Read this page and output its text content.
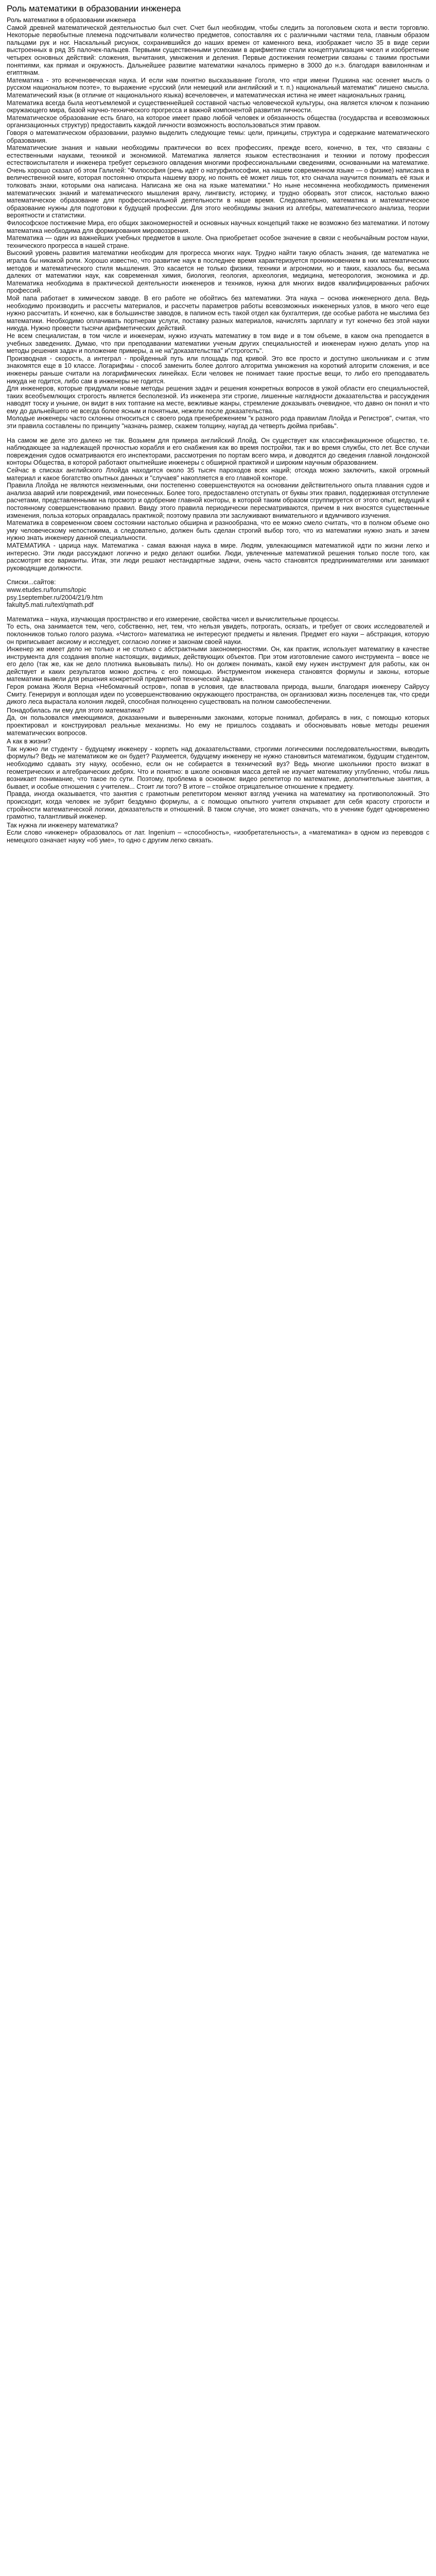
Роль математики в образовании инженера

Роль математики в образовании инженера

Самой древней математической деятельностью был счет. Счет был необходим, чтобы следить за поголовьем скота и вести торговлю. Некоторые первобытные племена подсчитывали количество предметов, сопоставляя их с различными частями тела, главным образом пальцами рук и ног. Наскальный рисунок, сохранившийся до наших времен от каменного века, изображает число 35 в виде серии выстроенных в ряд 35 палочек-пальцев. Первыми существенными успехами в арифметике стали концептуализация чисел и изобретение четырех основных действий: сложения, вычитания, умножения и деления. Первые достижения геометрии связаны с такими простыми понятиями, как прямая и окружность. Дальнейшее развитие математики началось примерно в 3000 до н.э. благодаря вавилонянам и египтянам.

Математика - это всеченовеческая наука. И если нам понятно высказывание Гоголя, что «при имени Пушкина нас осеняет мысль о русском национальном поэте», то выражение «русский (или немецкий или английский и т. п.) национальный математик" лишено смысла. Математический язык (в отличие от национального языка) всечеловечен, и математическая истина не имеет национальных границ.

Математика всегда была неотъемлемой и существеннейшей составной частью человеческой культуры, она является ключом к познанию окружающего мира, базой научно-технического прогресса и важной компонентой развития личности.

Математическое образование есть благо, на которое имеет право любой человек и обязанность общества (государства и всевозможных организационных структур) предоставить каждой личности возможность воспользоваться этим правом.

Говоря о математическом образовании, разумно выделить следующие темы: цели, принципы, структура и содержание математического образования.

Математические знания и навыки необходимы практически во всех профессиях, прежде всего, конечно, в тех, что связаны с естественными науками, техникой и экономикой. Математика является языком естествознания и техники и потому профессия естествоиспытателя и инженера требует серьезного овладения многими профессиональными сведениями, основанными на математике. Очень хорошо сказал об этом Галилей: "Философия (речь идёт о натурфилософии, на нашем современном языке — о физике) написана в величественной книге, которая постоянно открыта нашему взору, но понять её может лишь тот, кто сначала научится понимать её язык и толковать знаки, которыми она написана. Написана же она на языке математики." Но ныне несомненна необходимость применения математических знаний и математического мышления врачу, лингвисту, историку, и трудно оборвать этот список, настолько важно математическое образование для профессиональной деятельности в наше время. Следовательно, математика и математическое образование нужны для подготовки к будущей профессии. Для этого необходимы знания из алгебры, математического анализа, теории вероятности и статистики.

Философское постижение Мира, его общих закономерностей и основных научных концепций также не возможно без математики. И потому математика необходима для формирования мировоззрения.

Математика — один из важнейших учебных предметов в школе. Она приобретает особое значение в связи с необычайным ростом науки, технического прогресса в нашей стране.

Высокий уровень развития математики необходим для прогресса многих наук. Трудно найти такую область знания, где математика не играла бы никакой роли. Хорошо известно, что развитие наук в последнее время характеризуется проникновением в них математических методов и математического стиля мышления. Это касается не только физики, техники и агрономии, но и таких, казалось бы, весьма далеких от математики наук, как современная химия, биология, геология, археология, медицина, метеорология, экономика и др. Математика необходима в практической деятельности инженеров и техников, нужна для многих видов квалифицированных рабочих профессий.

Мой папа работает в химическом заводе. В его работе не обойтись без математики. Эта наука – основа инженерного дела. Ведь необходимо производить и рассчеты материалов, и рассчеты параметров работы всевозможных инженерных узлов, в много чего еще нужно рассчитать. И конечно, как в большинстве заводов, в папином есть такой отдел как бухгалтерия, где особые работа не мыслима без математики. Необходимо оплачивать портнерам услуги, поставку разных материалов, начислять зарплату и тут конечно без этой науки никуда. Нужно провести тысячи арифметических действий.

Не всем специалистам, в том числе и инженерам, нужно изучать математику в том виде и в том объеме, в каком она преподается в учебных заведениях. Думаю, что при преподавании математики ученым других специальностей и инженерам нужно делать упор на методы решения задач и положение примеры, а не на"доказательства" и"строгость".

Производная - скорость, а интеграл - пройденный путь или площадь под кривой. Это все просто и доступно школьникам и с этим знакомятся еще в 10 классе. Логарифмы - способ заменить более долгого алгоритма умножения на короткий алгоритм сложения, и все инженеры раньше считали на логарифмических линейках. Если человек не понимает такие простые вещи, то либо его преподаватель никуда не годится, либо сам в инженеры не годится.

Для инженеров, которые придумали новые методы решения задач и решения конкретных вопросов в узкой области его специальностей, таких всеобъемлющих строгость является бесполезной. Из инженера эти строгие, лишенные наглядности доказательства и рассуждения наводят тоску и уныние, он видит в них топтание на месте, вежливые жанры, стремление доказывать очевидное, что давно он понял и что ему до дальнейшего не всегда более ясным и понятным, нежели после доказательства.

Молодые инженеры часто склонны относиться с своего рода пренебрежением "к разного рода правилам Ллойда и Регистров", считая, что эти правила составлены по принципу "назначь размер, скажем толщину, наугад да четверть дюйма прибавь".

На самом же деле это далеко не так. Возьмем для примера английский Ллойд. Он существует как классификационное общество, т.е. наблюдающее за надлежащей прочностью корабля и его снабжения как во время постройки, так и во время службы, сто лет. Все случаи повреждения судов осматриваются его инспекторами, рассмотрения по портам всего мира, и доводятся до сведения главной лондонской конторы Общества, в которой работают опытнейшие инженеры с обширной практикой и широким научным образованием.

Сейчас в списках английского Ллойда находится около 35 тысяч пароходов всех наций; отсюда можно заключить, какой огромный материал и какое богатство опытных данных и "случаев" накопляется в его главной конторе.

Правила Ллойда не являются неизменными, они постепенно совершенствуются на основании действительного опыта плавания судов и анализа аварий или повреждений, ими понесенных. Более того, предоставлено отступать от буквы этих правил, поддерживая отступление расчетами, представленными на просмотр и одобрение главной конторы, в которой таким образом сгруппируется от этого опыт, ведущий к постоянному совершенствованию правил. Ввиду этого правила периодически пересматриваются, причем в них вносятся существенные изменения, польза которых оправдалась практикой; поэтому правила эти заслуживают внимательного и вдумчивого изучения.

Математика в современном своем состоянии настолько обширна и разнообразна, что ее можно смело считать, что в полном объеме оно уму человеческому непостижима, а следовательно, должен быть сделан строгий выбор того, что из математики нужно знать и зачем нужно знать инженеру данной специальности.

МАТЕМАТИКА - царица наук. Математика - самая важная наука в мире. Людям, увлекающимся математикой идти по жизни легко и интересно. Эти люди рассуждают логично и редко делают ошибки. Люди, увлеченные математикой решения только после того, как рассмотрят все варианты. Итак, эти люди решают нестандартные задачи, очень часто становятся предпринимателями или занимают руководящие должности.

Списки...сайтов:

www.etudes.ru/forums/topic
psy.1september.ru/2004/21/9.htm
fakulty5.mati.ru/text/qmath.pdf

Математика – наука, изучающая пространство и его измерение, свойства чисел и вычислительные процессы.

То есть, она занимается тем, чего, собственно, нет, тем, что нельзя увидеть, потрогать, осязать, и требует от своих исследователей и поклонников только голого разума. «Чистого» математика не интересуют предметы и явления. Предмет его науки – абстракция, которую он приписывает аксиому и исследует, согласно логике и законам своей науки.

Инженер же имеет дело не только и не столько с абстрактными закономерностями. Он, как практик, использует математику в качестве инструмента для создания вполне настоящих, видимых, действующих объектов. При этом изготовление самого инструмента – вовсе не его дело (так же, как не дело плотника выковывать пилы). Но он должен понимать, какой ему нужен инструмент для работы, как он действует и каких результатов можно достичь с его помощью. Инструментом инженера становятся формулы и законы, которые математики вывели для решения конкретной предметной технической задачи.

Героя романа Жюля Верна «Небомачный остров», попав в условия, где властвовала природа, вышли, благодаря инженеру Сайрусу Смиту. Генерируя и воплощая идеи по усовершенствованию окружающего пространства, он организовал жизнь поселенцев так, что среди дикого леса вырастала колония людей, способная полноценно существовать на полном самообеспечении.

Понадобилась ли ему для этого математика?

Да, он пользовался имеющимися, доказанными и выверенными законами, которые понимал, добираясь в них, с помощью которых проектировал и конструировал реальные механизмы. Но ему не пришлось создавать и обосновывать новые методы решения математических вопросов.

А как в жизни?

Так нужно ли студенту - будущему инженеру - корпеть над доказательствами, строгими логическими последовательностями, выводить формулы? Ведь не математиком же он будет? Разумеется, будущему инженеру не нужно становиться математиком, будущим студентом, необходимо сдавать эту науку, особенно, если он не собирается в технический вуз? Ведь многие школьники просто визжат в геометрических и алгебраических дебрях. Что и понятно: в школе основная масса детей не изучает математику углубленно, чтобы лишь возникает понимание, что такое по сути. Поэтому, проблема в основном: видео репетитор по математике, дополнительные занятия, а бывает, и особые отношения с учителем... Стоит ли того? В итоге – стойкое отрицательное отношение к предмету.

Правда, иногда оказывается, что занятия с грамотным репетитором меняют взгляд ученика на математику на противоположный. Это происходит, когда человек не зубрит бездумно формулы, а с помощью опытного учителя открывает для себя красоту строгости и стройности математической логики, доказательств и отношений. В таком случае, это может означать, что в ученике будет одновременно грамотно, талантливый инженер.

Так нужна ли инженеру математика?

Если слово «инженер» образовалось от лат. Ingenium – «способность», «изобретательность», а «математика» в одном из переводов с немецкого означает науку «об уме», то одно с другим легко связать.
